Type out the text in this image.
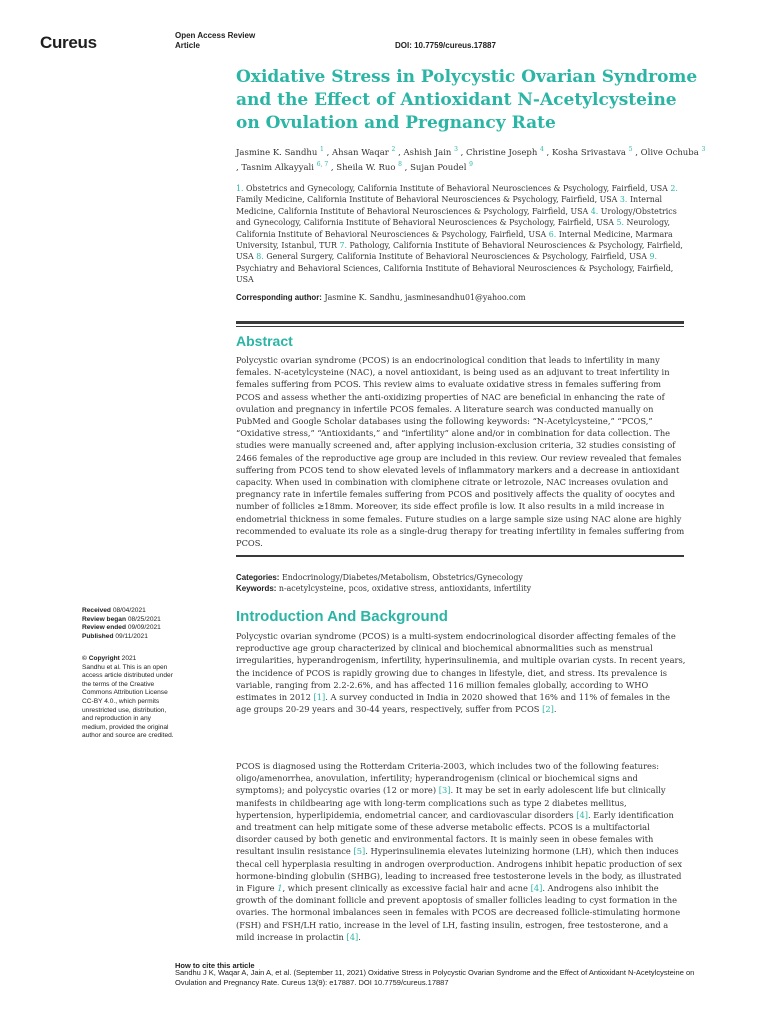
Cureus	Open Access Review
Article	DOI: 10.7759/cureus.17887
Oxidative Stress in Polycystic Ovarian Syndrome and the Effect of Antioxidant N-Acetylcysteine on Ovulation and Pregnancy Rate
Jasmine K. Sandhu $^1$ , Ahsan Waqar $^2$ , Ashish Jain $^3$ , Christine Joseph $^4$ , Kosha Srivastava $^5$ , Olive Ochuba $^3$ , Tasnim Alkayyali $^{6, 7}$ , Sheila W. Ruo $^8$ , Sujan Poudel $^9$
1. Obstetrics and Gynecology, California Institute of Behavioral Neurosciences & Psychology, Fairfield, USA 2. Family Medicine, California Institute of Behavioral Neurosciences & Psychology, Fairfield, USA 3. Internal Medicine, California Institute of Behavioral Neurosciences & Psychology, Fairfield, USA 4. Urology/Obstetrics and Gynecology, California Institute of Behavioral Neurosciences & Psychology, Fairfield, USA 5. Neurology, California Institute of Behavioral Neurosciences & Psychology, Fairfield, USA 6. Internal Medicine, Marmara University, Istanbul, TUR 7. Pathology, California Institute of Behavioral Neurosciences & Psychology, Fairfield, USA 8. General Surgery, California Institute of Behavioral Neurosciences & Psychology, Fairfield, USA 9. Psychiatry and Behavioral Sciences, California Institute of Behavioral Neurosciences & Psychology, Fairfield, USA
Corresponding author: Jasmine K. Sandhu, jasminesandhu01@yahoo.com
Abstract
Polycystic ovarian syndrome (PCOS) is an endocrinological condition that leads to infertility in many females. N-acetylcysteine (NAC), a novel antioxidant, is being used as an adjuvant to treat infertility in females suffering from PCOS. This review aims to evaluate oxidative stress in females suffering from PCOS and assess whether the anti-oxidizing properties of NAC are beneficial in enhancing the rate of ovulation and pregnancy in infertile PCOS females. A literature search was conducted manually on PubMed and Google Scholar databases using the following keywords: “N-Acetylcysteine,” “PCOS,” “Oxidative stress,” “Antioxidants,” and “infertility” alone and/or in combination for data collection. The studies were manually screened and, after applying inclusion-exclusion criteria, 32 studies consisting of 2466 females of the reproductive age group are included in this review. Our review revealed that females suffering from PCOS tend to show elevated levels of inflammatory markers and a decrease in antioxidant capacity. When used in combination with clomiphene citrate or letrozole, NAC increases ovulation and pregnancy rate in infertile females suffering from PCOS and positively affects the quality of oocytes and number of follicles ≥18mm. Moreover, its side effect profile is low. It also results in a mild increase in endometrial thickness in some females. Future studies on a large sample size using NAC alone are highly recommended to evaluate its role as a single-drug therapy for treating infertility in females suffering from PCOS.
Categories: Endocrinology/Diabetes/Metabolism, Obstetrics/Gynecology
Keywords: n-acetylcysteine, pcos, oxidative stress, antioxidants, infertility
Received 08/04/2021
Review began 08/25/2021
Review ended 09/09/2021
Published 09/11/2021
© Copyright 2021
Sandhu et al. This is an open access article distributed under the terms of the Creative Commons Attribution License CC-BY 4.0., which permits unrestricted use, distribution, and reproduction in any medium, provided the original author and source are credited.
Introduction And Background
Polycystic ovarian syndrome (PCOS) is a multi-system endocrinological disorder affecting females of the reproductive age group characterized by clinical and biochemical abnormalities such as menstrual irregularities, hyperandrogenism, infertility, hyperinsulinemia, and multiple ovarian cysts. In recent years, the incidence of PCOS is rapidly growing due to changes in lifestyle, diet, and stress. Its prevalence is variable, ranging from 2.2-2.6%, and has affected 116 million females globally, according to WHO estimates in 2012 [1]. A survey conducted in India in 2020 showed that 16% and 11% of females in the age groups 20-29 years and 30-44 years, respectively, suffer from PCOS [2].
PCOS is diagnosed using the Rotterdam Criteria-2003, which includes two of the following features: oligo/amenorrhea, anovulation, infertility; hyperandrogenism (clinical or biochemical signs and symptoms); and polycystic ovaries (12 or more) [3]. It may be set in early adolescent life but clinically manifests in childbearing age with long-term complications such as type 2 diabetes mellitus, hypertension, hyperlipidemia, endometrial cancer, and cardiovascular disorders [4]. Early identification and treatment can help mitigate some of these adverse metabolic effects. PCOS is a multifactorial disorder caused by both genetic and environmental factors. It is mainly seen in obese females with resultant insulin resistance [5]. Hyperinsulinemia elevates luteinizing hormone (LH), which then induces thecal cell hyperplasia resulting in androgen overproduction. Androgens inhibit hepatic production of sex hormone-binding globulin (SHBG), leading to increased free testosterone levels in the body, as illustrated in Figure 1, which present clinically as excessive facial hair and acne [4]. Androgens also inhibit the growth of the dominant follicle and prevent apoptosis of smaller follicles leading to cyst formation in the ovaries. The hormonal imbalances seen in females with PCOS are decreased follicle-stimulating hormone (FSH) and FSH/LH ratio, increase in the level of LH, fasting insulin, estrogen, free testosterone, and a mild increase in prolactin [4].
How to cite this article
Sandhu J K, Waqar A, Jain A, et al. (September 11, 2021) Oxidative Stress in Polycystic Ovarian Syndrome and the Effect of Antioxidant N-Acetylcysteine on Ovulation and Pregnancy Rate. Cureus 13(9): e17887. DOI 10.7759/cureus.17887
